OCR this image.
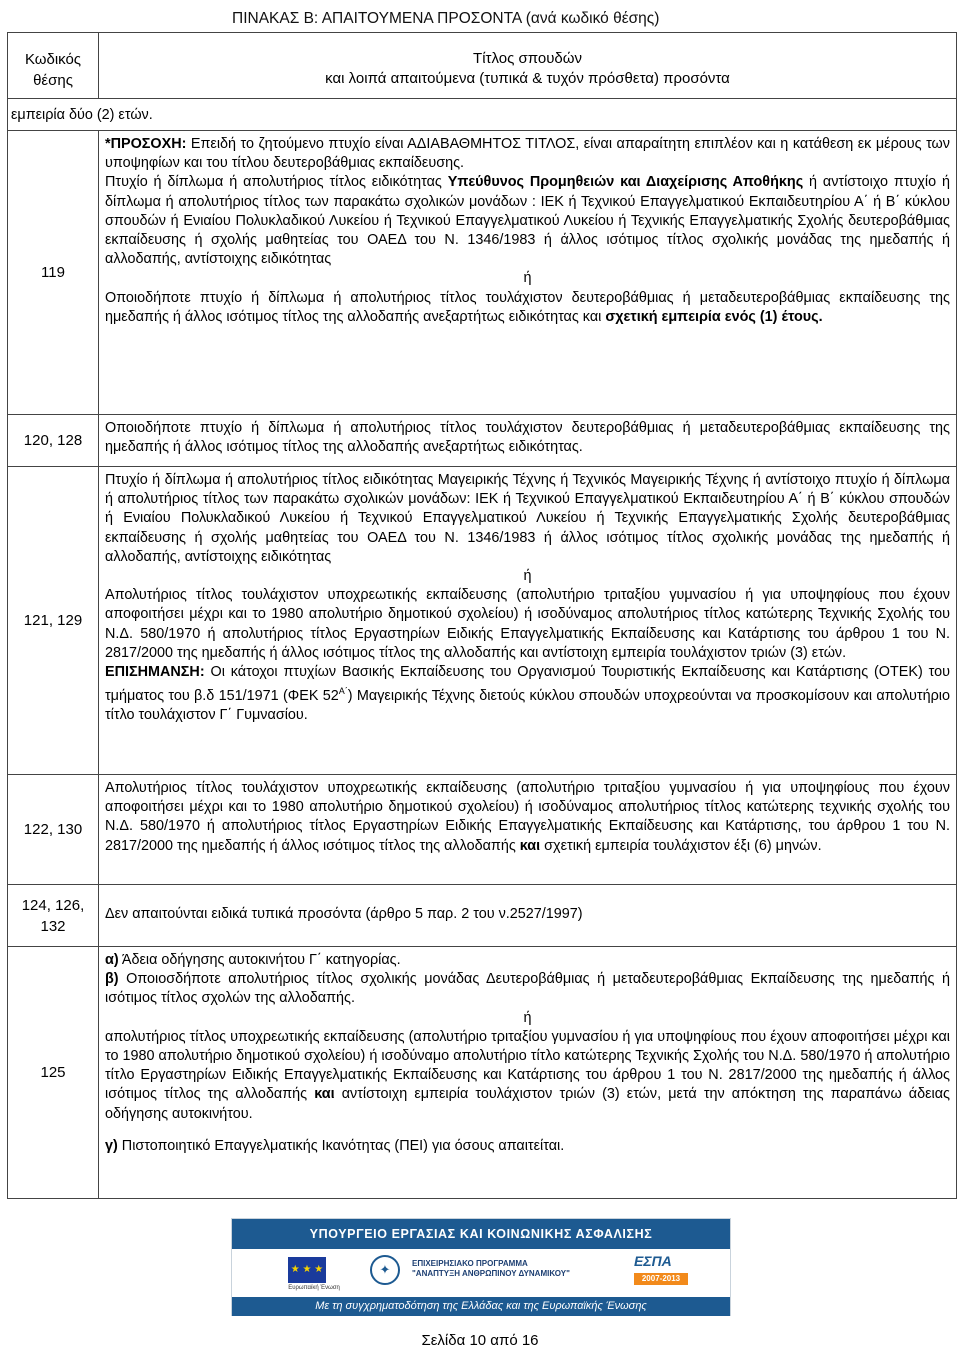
ΠΙΝΑΚΑΣ Β: ΑΠΑΙΤΟΥΜΕΝΑ ΠΡΟΣΟΝΤΑ (ανά κωδικό θέσης)
Κωδικός θέσης	Τίτλος σπουδών

και λοιπά απαιτούμενα (τυπικά & τυχόν πρόσθετα) προσόντα

εμπειρία δύο (2) ετών.	

119	*ΠΡΟΣΟΧΗ: Επειδή το ζητούμενο πτυχίο είναι ΑΔΙΑΒΑΘΜΗΤΟΣ ΤΙΤΛΟΣ, είναι απαραίτητη επιπλέον και η κατάθεση εκ μέρους των υποψηφίων και του τίτλου δευτεροβάθμιας εκπαίδευσης.

Πτυχίο ή δίπλωμα ή απολυτήριος τίτλος ειδικότητας Υπεύθυνος Προμηθειών και Διαχείρισης Αποθήκης ή αντίστοιχο πτυχίο ή δίπλωμα ή απολυτήριος τίτλος των παρακάτω σχολικών μονάδων : ΙΕΚ ή Τεχνικού Επαγγελματικού Εκπαιδευτηρίου Α΄ ή Β΄ κύκλου σπουδών ή Ενιαίου Πολυκλαδικού Λυκείου ή Τεχνικού Επαγγελματικού Λυκείου ή Τεχνικής Επαγγελματικής Σχολής δευτεροβάθμιας εκπαίδευσης ή σχολής μαθητείας του ΟΑΕΔ του Ν. 1346/1983 ή άλλος ισότιμος τίτλος σχολικής μονάδας της ημεδαπής ή αλλοδαπής, αντίστοιχης ειδικότητας

ή

Οποιοδήποτε πτυχίο ή δίπλωμα ή απολυτήριος τίτλος τουλάχιστον δευτεροβάθμιας ή μεταδευτεροβάθμιας εκπαίδευσης της ημεδαπής ή άλλος ισότιμος τίτλος της αλλοδαπής ανεξαρτήτως ειδικότητας και σχετική εμπειρία ενός (1) έτους.

120, 128	Οποιοδήποτε πτυχίο ή δίπλωμα ή απολυτήριος τίτλος τουλάχιστον δευτεροβάθμιας ή μεταδευτεροβάθμιας εκπαίδευσης της ημεδαπής ή άλλος ισότιμος τίτλος της αλλοδαπής ανεξαρτήτως ειδικότητας.

121, 129	Πτυχίο ή δίπλωμα ή απολυτήριος τίτλος ειδικότητας Μαγειρικής Τέχνης ή Τεχνικός Μαγειρικής Τέχνης ή αντίστοιχο πτυχίο ή δίπλωμα ή απολυτήριος τίτλος των παρακάτω σχολικών μονάδων: ΙΕΚ ή Τεχνικού Επαγγελματικού Εκπαιδευτηρίου Α΄ ή Β΄ κύκλου σπουδών ή Ενιαίου Πολυκλαδικού Λυκείου ή Τεχνικού Επαγγελματικού Λυκείου ή Τεχνικής Επαγγελματικής Σχολής δευτεροβάθμιας εκπαίδευσης ή σχολής μαθητείας του ΟΑΕΔ του Ν. 1346/1983 ή άλλος ισότιμος τίτλος σχολικής μονάδας της ημεδαπής ή αλλοδαπής, αντίστοιχης ειδικότητας

ή

Απολυτήριος τίτλος τουλάχιστον υποχρεωτικής εκπαίδευσης (απολυτήριο τριταξίου γυμνασίου ή για υποψηφίους που έχουν αποφοιτήσει μέχρι και το 1980 απολυτήριο δημοτικού σχολείου) ή ισοδύναμος απολυτήριος τίτλος κατώτερης Τεχνικής Σχολής του Ν.Δ. 580/1970 ή απολυτήριος τίτλος Εργαστηρίων Ειδικής Επαγγελματικής Εκπαίδευσης και Κατάρτισης του άρθρου 1 του Ν. 2817/2000 της ημεδαπής ή άλλος ισότιμος τίτλος της αλλοδαπής και αντίστοιχη εμπειρία τουλάχιστον τριών (3) ετών.

ΕΠΙΣΗΜΑΝΣΗ: Οι κάτοχοι πτυχίων Βασικής Εκπαίδευσης του Οργανισμού Τουριστικής Εκπαίδευσης και Κατάρτισης (ΟΤΕΚ) του τμήματος του β.δ 151/1971 (ΦΕΚ $52^{A΄}$) Μαγειρικής Τέχνης διετούς κύκλου σπουδών υποχρεούνται να προσκομίσουν και απολυτήριο τίτλο τουλάχιστον Γ΄ Γυμνασίου.

122, 130	Απολυτήριος τίτλος τουλάχιστον υποχρεωτικής εκπαίδευσης (απολυτήριο τριταξίου γυμνασίου ή για υποψηφίους που έχουν αποφοιτήσει μέχρι και το 1980 απολυτήριο δημοτικού σχολείου) ή ισοδύναμος απολυτήριος τίτλος κατώτερης τεχνικής σχολής του Ν.Δ. 580/1970 ή απολυτήριος τίτλος Εργαστηρίων Ειδικής Επαγγελματικής Εκπαίδευσης και Κατάρτισης, του άρθρου 1 του Ν. 2817/2000 της ημεδαπής ή άλλος ισότιμος τίτλος της αλλοδαπής και σχετική εμπειρία τουλάχιστον έξι (6) μηνών.

124, 126, 132	Δεν απαιτούνται ειδικά τυπικά προσόντα (άρθρο 5 παρ. 2 του ν.2527/1997)

125	α) Άδεια οδήγησης αυτοκινήτου Γ΄ κατηγορίας.

β) Οποιοσδήποτε απολυτήριος τίτλος σχολικής μονάδας Δευτεροβάθμιας ή μεταδευτεροβάθμιας Εκπαίδευσης της ημεδαπής ή ισότιμος τίτλος σχολών της αλλοδαπής.

ή

απολυτήριος τίτλος υποχρεωτικής εκπαίδευσης (απολυτήριο τριταξίου γυμνασίου ή για υποψηφίους που έχουν αποφοιτήσει μέχρι και το 1980 απολυτήριο δημοτικού σχολείου) ή ισοδύναμο απολυτήριο τίτλο κατώτερης Τεχνικής Σχολής του Ν.Δ. 580/1970 ή απολυτήριο τίτλο Εργαστηρίων Ειδικής Επαγγελματικής Εκπαίδευσης και Κατάρτισης του άρθρου 1 του Ν. 2817/2000 της ημεδαπής ή άλλος ισότιμος τίτλος της αλλοδαπής και αντίστοιχη εμπειρία τουλάχιστον τριών (3) ετών, μετά την απόκτηση της παραπάνω άδειας οδήγησης αυτοκινήτου.

γ) Πιστοποιητικό Επαγγελματικής Ικανότητας (ΠΕΙ) για όσους απαιτείται.

ΥΠΟΥΡΓΕΙΟ ΕΡΓΑΣΙΑΣ ΚΑΙ ΚΟΙΝΩΝΙΚΗΣ ΑΣΦΑΛΙΣΗΣ
★ ★ ★
Ευρωπαϊκή Ένωση
✦	ΕΠΙΧΕΙΡΗΣΙΑΚΟ ΠΡΟΓΡΑΜΜΑ
"ΑΝΑΠΤΥΞΗ ΑΝΘΡΩΠΙΝΟΥ ΔΥΝΑΜΙΚΟΥ"
ΕΣΠΑ
2007-2013
Με τη συγχρηματοδότηση της Ελλάδας και της Ευρωπαϊκής Ένωσης
Σελίδα 10 από 16
